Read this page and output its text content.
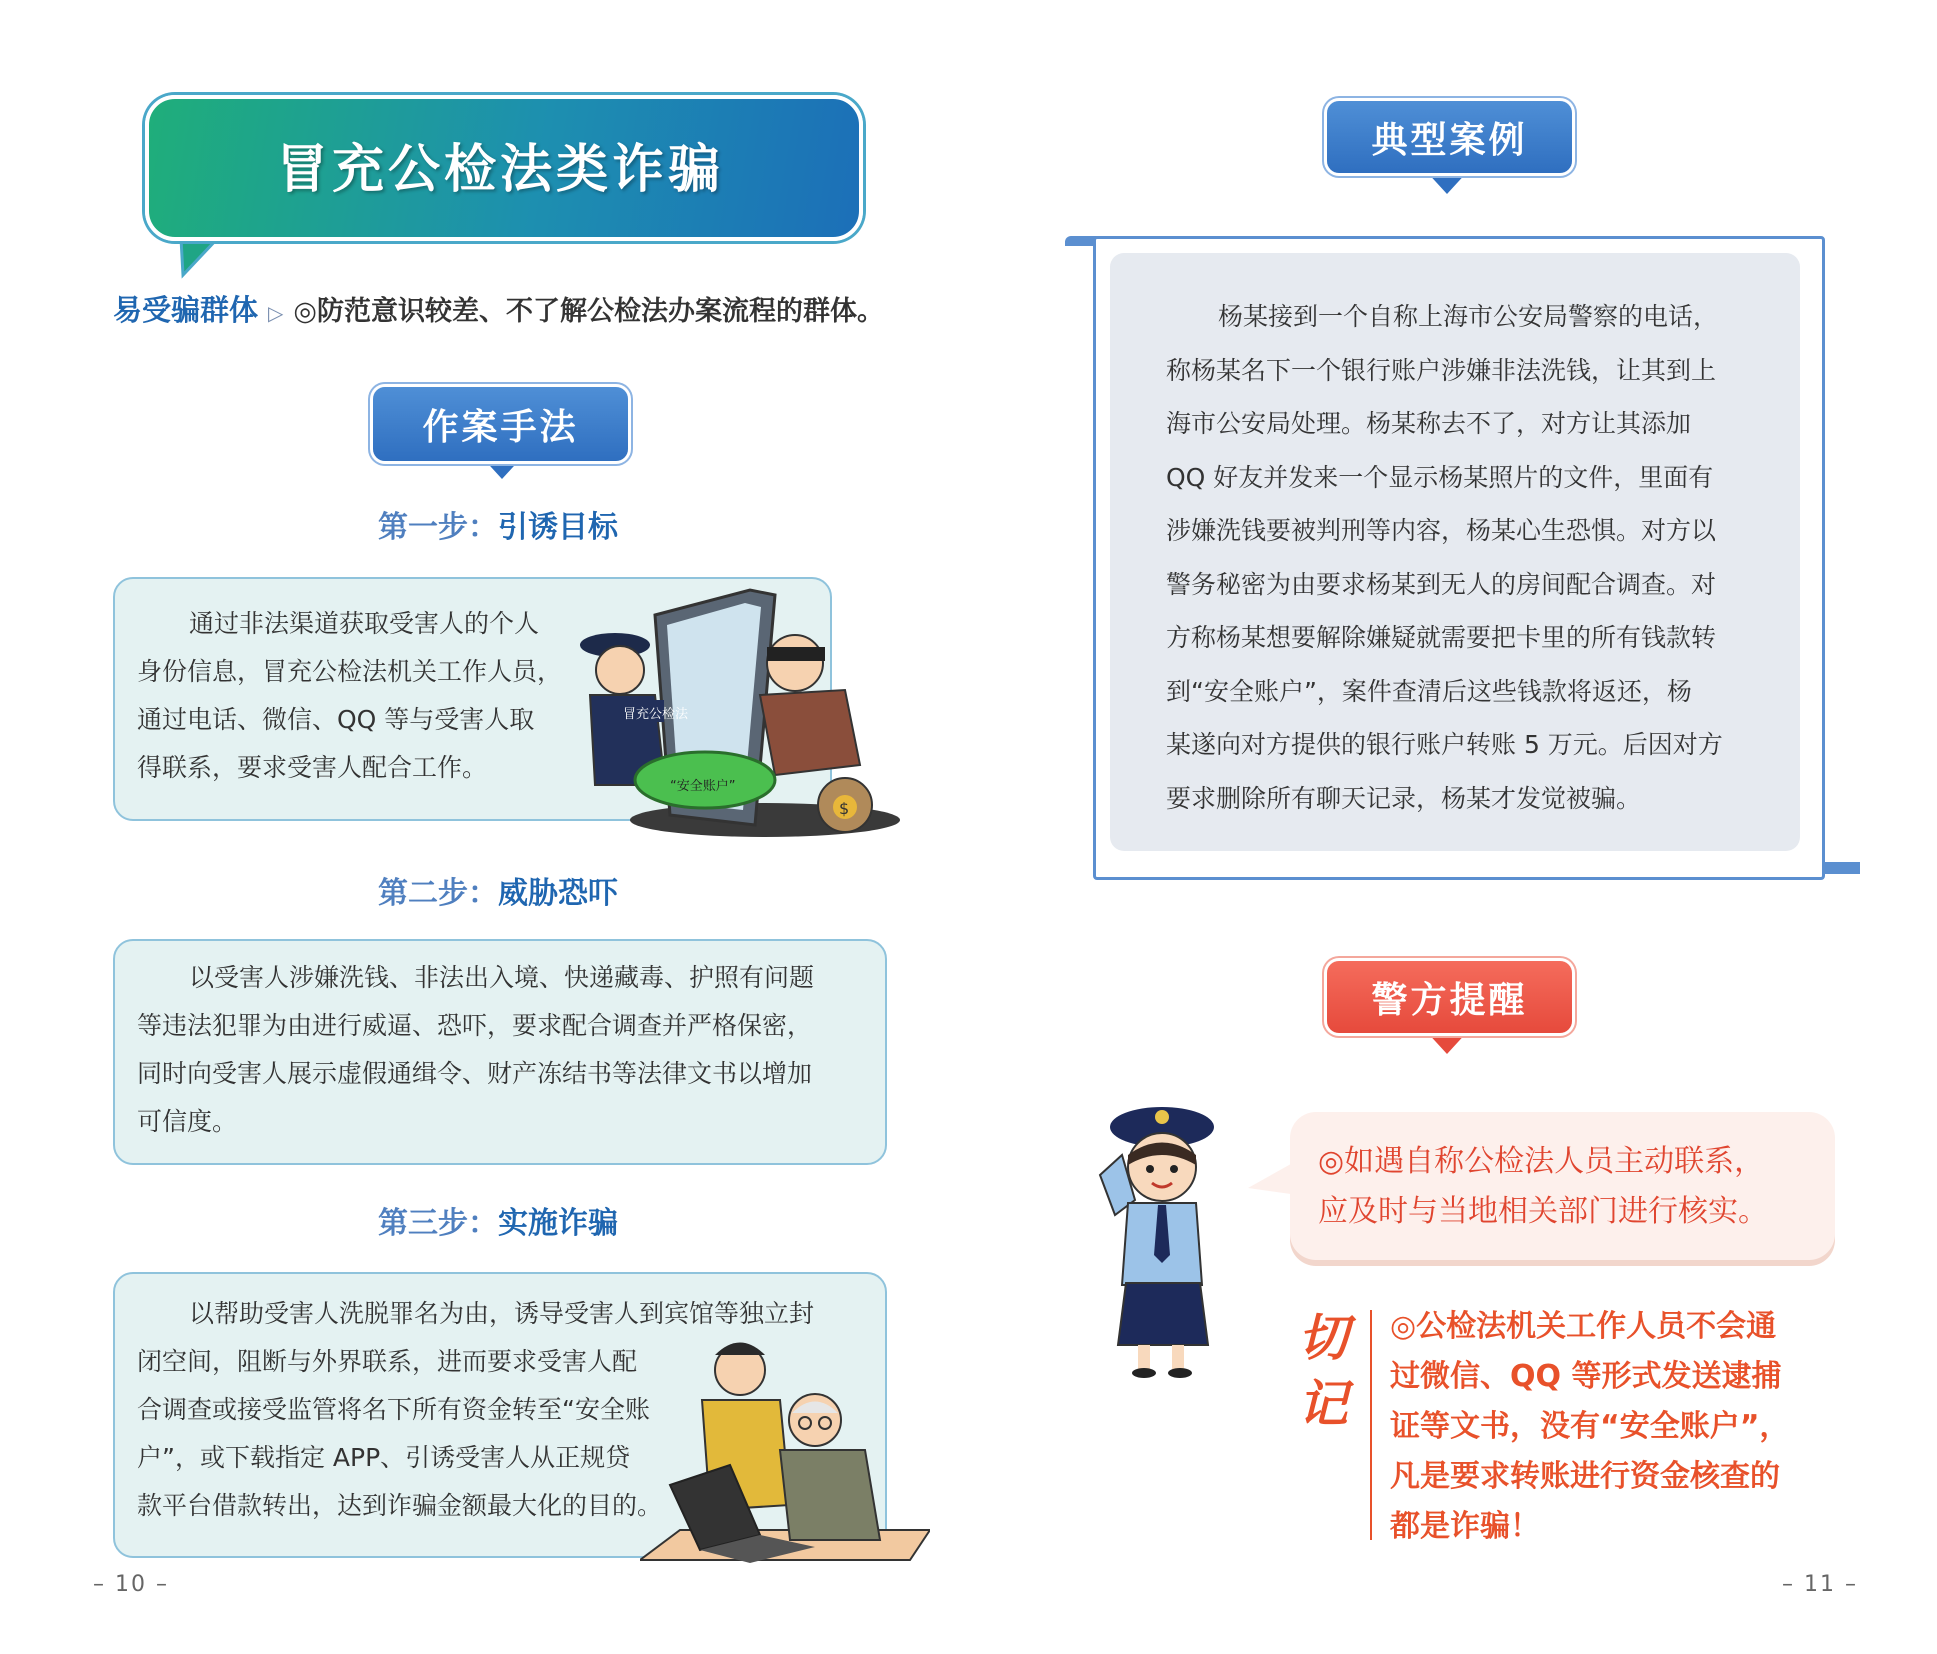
冒充公检法类诈骗
易受骗群体 ▷ ◎防范意识较差、不了解公检法办案流程的群体。
作案手法
第一步：引诱目标
通过非法渠道获取受害人的个人
身份信息，冒充公检法机关工作人员，
通过电话、微信、QQ 等与受害人取
得联系，要求受害人配合工作。
冒充公检法
“安全账户”
$
第二步：威胁恐吓
以受害人涉嫌洗钱、非法出入境、快递藏毒、护照有问题
等违法犯罪为由进行威逼、恐吓，要求配合调查并严格保密，
同时向受害人展示虚假通缉令、财产冻结书等法律文书以增加
可信度。
第三步：实施诈骗
以帮助受害人洗脱罪名为由，诱导受害人到宾馆等独立封
闭空间，阻断与外界联系，进而要求受害人配
合调查或接受监管将名下所有资金转至“安全账
户”，或下载指定 APP、引诱受害人从正规贷
款平台借款转出，达到诈骗金额最大化的目的。
– 10 –
典型案例
杨某接到一个自称上海市公安局警察的电话，
称杨某名下一个银行账户涉嫌非法洗钱，让其到上
海市公安局处理。杨某称去不了，对方让其添加
QQ 好友并发来一个显示杨某照片的文件，里面有
涉嫌洗钱要被判刑等内容，杨某心生恐惧。对方以
警务秘密为由要求杨某到无人的房间配合调查。对
方称杨某想要解除嫌疑就需要把卡里的所有钱款转
到“安全账户”，案件查清后这些钱款将返还，杨
某遂向对方提供的银行账户转账 5 万元。后因对方
要求删除所有聊天记录，杨某才发觉被骗。
警方提醒
◎如遇自称公检法人员主动联系，
应及时与当地相关部门进行核实。
切记
◎公检法机关工作人员不会通
过微信、QQ 等形式发送逮捕
证等文书，没有“安全账户”，
凡是要求转账进行资金核查的
都是诈骗！
– 11 –
